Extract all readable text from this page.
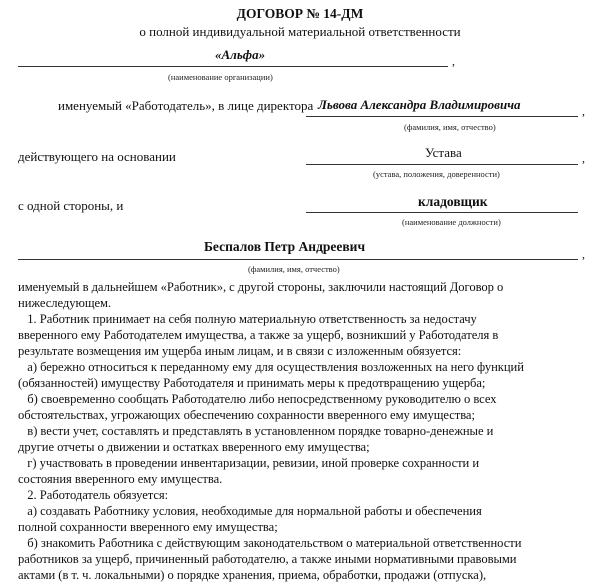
ДОГОВОР № 14-ДМ
о полной индивидуальной материальной ответственности
«Альфа»	,
(наименование организации)
именуемый «Работодатель», в лице директора Львова Александра Владимировича	,
(фамилия, имя, отчество)
действующего на основании	Устава	,
(устава, положения, доверенности)
с одной стороны, и	кладовщик
(наименование должности)
Беспалов Петр Андреевич	,
(фамилия, имя, отчество)
именуемый в дальнейшем «Работник», с другой стороны, заключили настоящий Договор о
нижеследующем.
1. Работник принимает на себя полную материальную ответственность за недостачу
вверенного ему Работодателем имущества, а также за ущерб, возникший у Работодателя в
результате возмещения им ущерба иным лицам, и в связи с изложенным обязуется:
а) бережно относиться к переданному ему для осуществления возложенных на него функций
(обязанностей) имуществу Работодателя и принимать меры к предотвращению ущерба;
б) своевременно сообщать Работодателю либо непосредственному руководителю о всех
обстоятельствах, угрожающих обеспечению сохранности вверенного ему имущества;
в) вести учет, составлять и представлять в установленном порядке товарно-денежные и
другие отчеты о движении и остатках вверенного ему имущества;
г) участвовать в проведении инвентаризации, ревизии, иной проверке сохранности и
состояния вверенного ему имущества.
2. Работодатель обязуется:
а) создавать Работнику условия, необходимые для нормальной работы и обеспечения
полной сохранности вверенного ему имущества;
б) знакомить Работника с действующим законодательством о материальной ответственности
работников за ущерб, причиненный работодателю, а также иными нормативными правовыми
актами (в т. ч. локальными) о порядке хранения, приема, обработки, продажи (отпуска),
